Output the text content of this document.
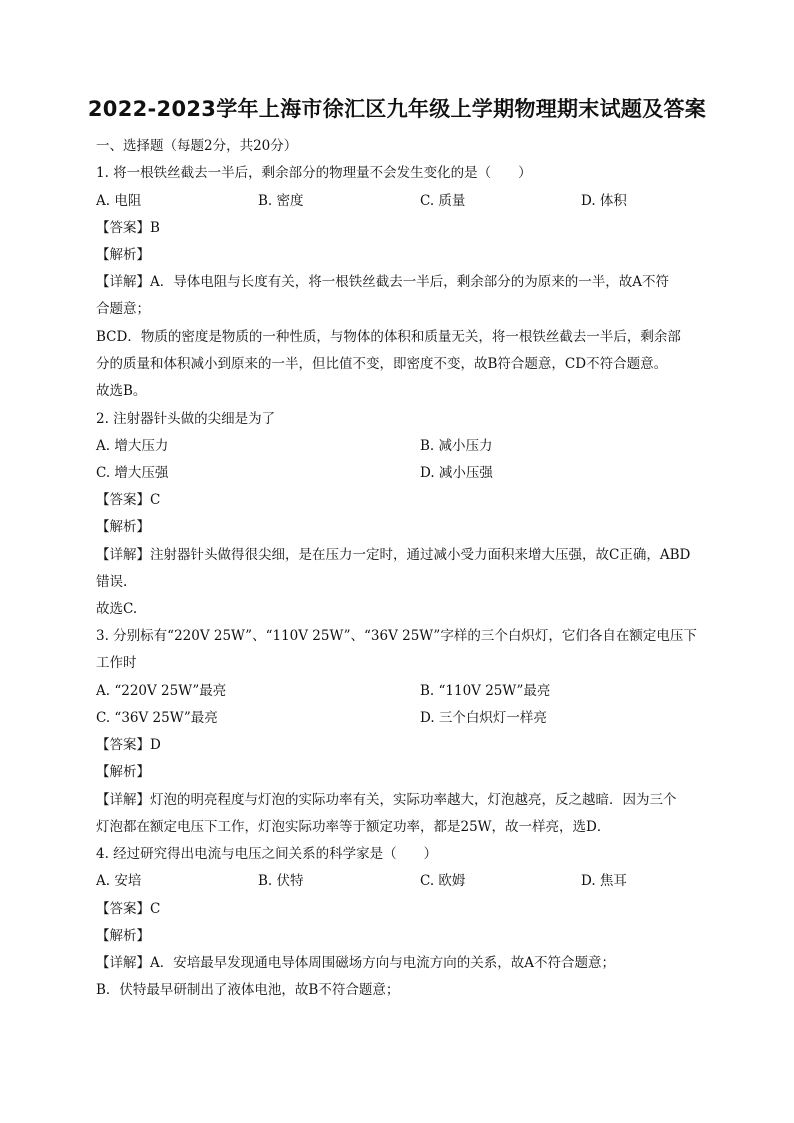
2022-2023学年上海市徐汇区九年级上学期物理期末试题及答案
一、选择题（每题2分，共20分）
1. 将一根铁丝截去一半后，剩余部分的物理量不会发生变化的是（　　）
A. 电阻	B. 密度	C. 质量	D. 体积
【答案】B
【解析】
【详解】A．导体电阻与长度有关，将一根铁丝截去一半后，剩余部分的为原来的一半，故A不符
合题意；
BCD．物质的密度是物质的一种性质，与物体的体积和质量无关，将一根铁丝截去一半后，剩余部
分的质量和体积减小到原来的一半，但比值不变，即密度不变，故B符合题意，CD不符合题意。
故选B。
2. 注射器针头做的尖细是为了
A. 增大压力	B. 减小压力
C. 增大压强	D. 减小压强
【答案】C
【解析】
【详解】注射器针头做得很尖细，是在压力一定时，通过减小受力面积来增大压强，故C正确，ABD
错误.
故选C.
3. 分别标有“220V 25W”、“110V 25W”、“36V 25W”字样的三个白炽灯，它们各自在额定电压下
工作时
A. “220V 25W”最亮	B. “110V 25W”最亮
C. “36V 25W”最亮	D. 三个白炽灯一样亮
【答案】D
【解析】
【详解】灯泡的明亮程度与灯泡的实际功率有关，实际功率越大，灯泡越亮，反之越暗．因为三个
灯泡都在额定电压下工作，灯泡实际功率等于额定功率，都是25W，故一样亮，选D．
4. 经过研究得出电流与电压之间关系的科学家是（　　）
A. 安培	B. 伏特	C. 欧姆	D. 焦耳
【答案】C
【解析】
【详解】A．安培最早发现通电导体周围磁场方向与电流方向的关系，故A不符合题意；
B．伏特最早研制出了液体电池，故B不符合题意；
